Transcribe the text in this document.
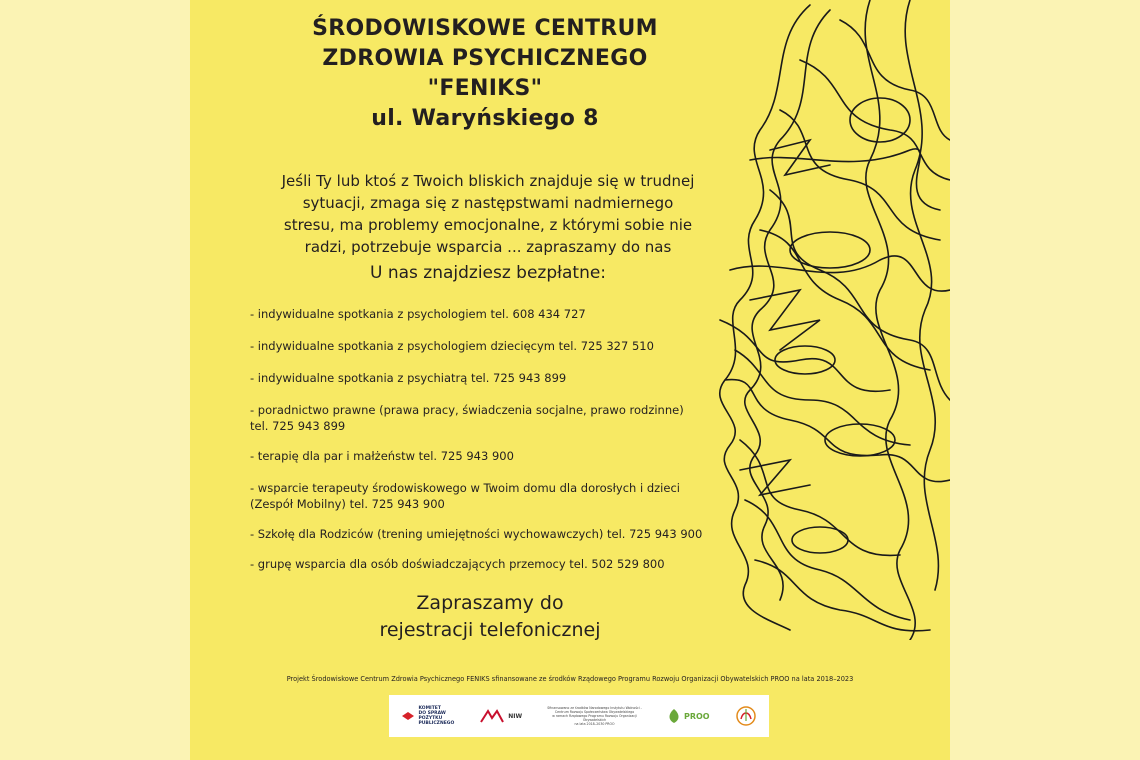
ŚRODOWISKOWE CENTRUM
ZDROWIA PSYCHICZNEGO
"FENIKS"
ul. Waryńskiego 8
Jeśli Ty lub ktoś z Twoich bliskich znajduje się w trudnej
sytuacji, zmaga się z następstwami nadmiernego
stresu, ma problemy emocjonalne, z którymi sobie nie
radzi, potrzebuje wsparcia ... zapraszamy do nas
U nas znajdziesz bezpłatne:
- indywidualne spotkania z psychologiem tel. 608 434 727
- indywidualne spotkania z psychologiem dziecięcym tel. 725 327 510
- indywidualne spotkania z psychiatrą tel. 725 943 899
- poradnictwo prawne (prawa pracy, świadczenia socjalne, prawo rodzinne)
tel. 725 943 899
- terapię dla par i małżeństw tel. 725 943 900
- wsparcie terapeuty środowiskowego w Twoim domu dla dorosłych i dzieci
(Zespół Mobilny) tel. 725 943 900
- Szkołę dla Rodziców (trening umiejętności wychowawczych) tel. 725 943 900
- grupę wsparcia dla osób doświadczających przemocy tel. 502 529 800
Zapraszamy do
rejestracji telefonicznej
Projekt Środowiskowe Centrum Zdrowia Psychicznego FENIKS sfinansowane ze środków Rządowego Programu Rozwoju Organizacji Obywatelskich PROO na lata 2018–2023
KOMITET
DO SPRAW
POŻYTKU
PUBLICZNEGO
NIW
Sfinansowano ze środków Narodowego Instytutu Wolności -
Centrum Rozwoju Społeczeństwa Obywatelskiego
w ramach Rządowego Programu Rozwoju Organizacji Obywatelskich
na lata 2018–2030 PROO
PROO
